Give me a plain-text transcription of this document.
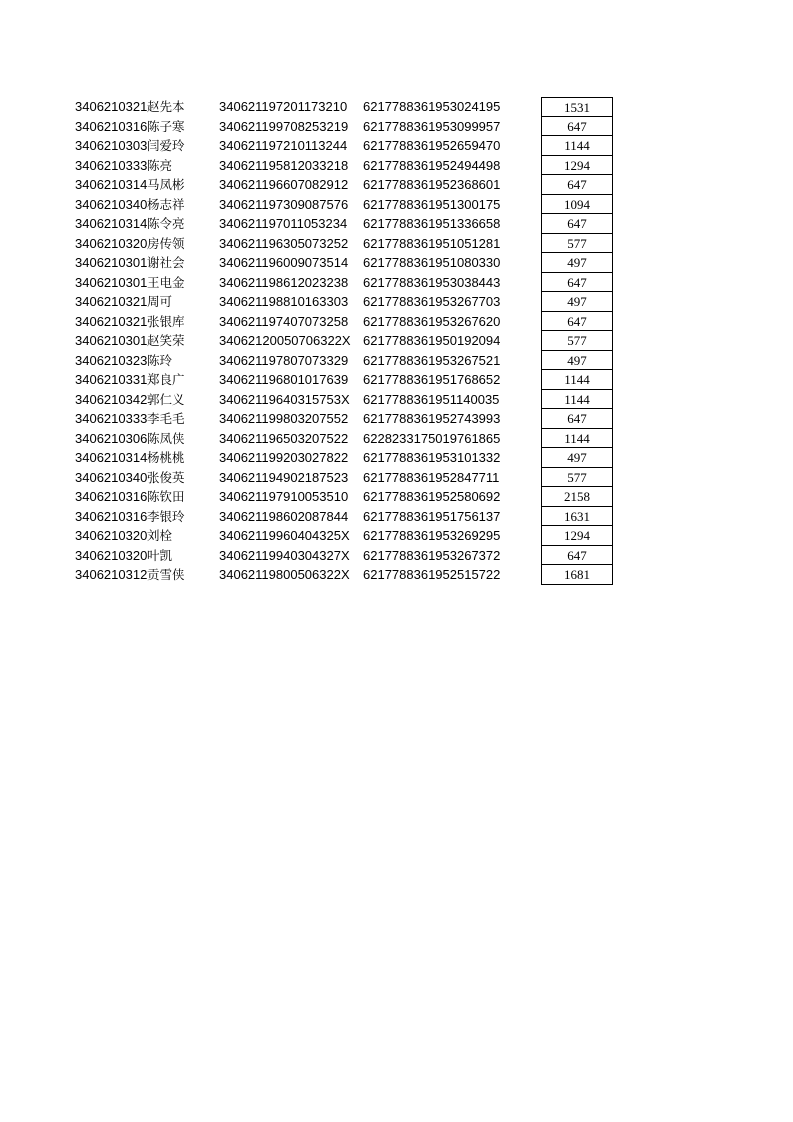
3406210321 赵先本	340621197201173210	6217788361953024195	1531
3406210316 陈子寒	340621199708253219	6217788361953099957	647
3406210303 闫爱玲	340621197210113244	6217788361952659470	1144
3406210333 陈亮	340621195812033218	6217788361952494498	1294
3406210314 马凤彬	340621196607082912	6217788361952368601	647
3406210340 杨志祥	340621197309087576	6217788361951300175	1094
3406210314 陈令亮	340621197011053234	6217788361951336658	647
3406210320 房传领	340621196305073252	6217788361951051281	577
3406210301 谢社会	340621196009073514	6217788361951080330	497
3406210301 王电金	340621198612023238	6217788361953038443	647
3406210321 周可	340621198810163303	6217788361953267703	497
3406210321 张银库	340621197407073258	6217788361953267620	647
3406210301 赵笑荣	34062120050706322X 6217788361950192094	577
3406210323 陈玲	340621197807073329	6217788361953267521	497
3406210331 郑良广	340621196801017639	6217788361951768652	1144
3406210342 郭仁义	34062119640315753X	6217788361951140035	1144
3406210333 李毛毛	340621199803207552	6217788361952743993	647
3406210306 陈凤侠	340621196503207522	6228233175019761865	1144
3406210314 杨桃桃	340621199203027822	6217788361953101332	497
3406210340 张俊英	340621194902187523	6217788361952847711	577
3406210316 陈钦田	340621197910053510	6217788361952580692	2158
3406210316 李银玲	340621198602087844	6217788361951756137	1631
3406210320 刘栓	34062119960404325X	6217788361953269295	1294
3406210320 叶凯	34062119940304327X	6217788361953267372	647
3406210312 贡雪侠	34062119800506322X	6217788361952515722	1681
